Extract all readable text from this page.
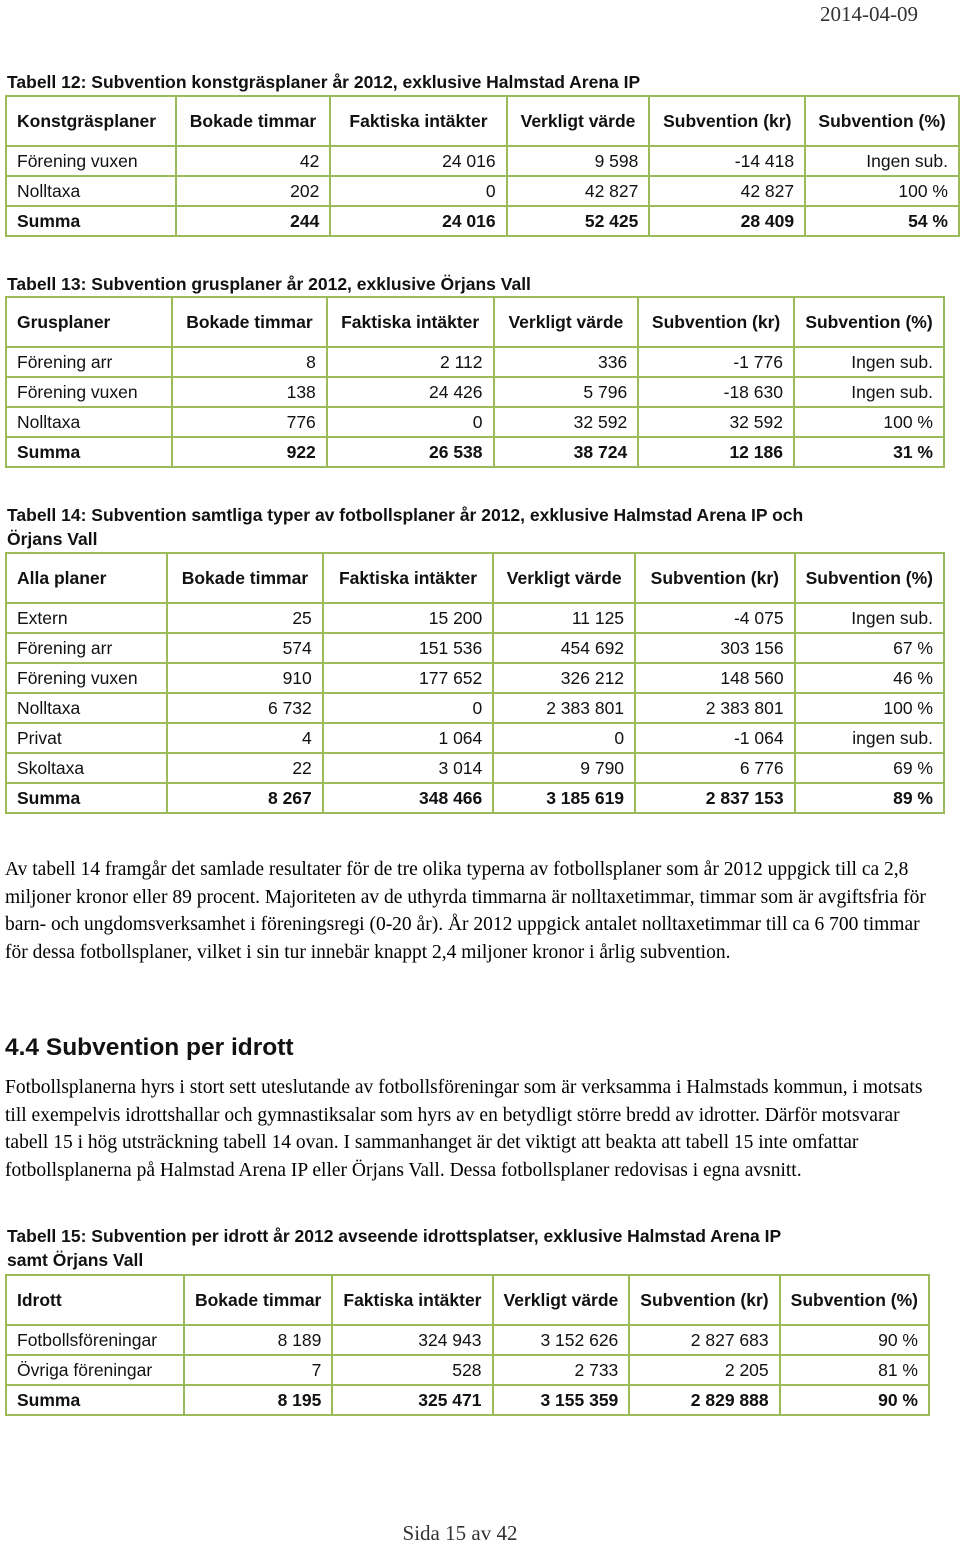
2014-04-09
Tabell 12: Subvention konstgräsplaner år 2012, exklusive Halmstad Arena IP
Konstgräsplaner	Bokade timmar	Faktiska intäkter	Verkligt värde	Subvention (kr)	Subvention (%)
Förening vuxen	42	24 016	9 598	-14 418	Ingen sub.
Nolltaxa	202	0	42 827	42 827	100 %
Summa	244	24 016	52 425	28 409	54 %
Tabell 13: Subvention grusplaner år 2012, exklusive Örjans Vall
Grusplaner	Bokade timmar	Faktiska intäkter	Verkligt värde	Subvention (kr)	Subvention (%)
Förening arr	8	2 112	336	-1 776	Ingen sub.
Förening vuxen	138	24 426	5 796	-18 630	Ingen sub.
Nolltaxa	776	0	32 592	32 592	100 %
Summa	922	26 538	38 724	12 186	31 %
Tabell 14: Subvention samtliga typer av fotbollsplaner år 2012, exklusive Halmstad Arena IP och
Örjans Vall
Alla planer	Bokade timmar	Faktiska intäkter	Verkligt värde	Subvention (kr)	Subvention (%)
Extern	25	15 200	11 125	-4 075	Ingen sub.
Förening arr	574	151 536	454 692	303 156	67 %
Förening vuxen	910	177 652	326 212	148 560	46 %
Nolltaxa	6 732	0	2 383 801	2 383 801	100 %
Privat	4	1 064	0	-1 064	ingen sub.
Skoltaxa	22	3 014	9 790	6 776	69 %
Summa	8 267	348 466	3 185 619	2 837 153	89 %

Av tabell 14 framgår det samlade resultater för de tre olika typerna av fotbollsplaner som år 2012 uppgick till ca 2,8 miljoner kronor eller 89 procent. Majoriteten av de uthyrda timmarna är nolltaxetimmar, timmar som är avgiftsfria för barn- och ungdomsverksamhet i föreningsregi (0-20 år). År 2012 uppgick antalet nolltaxetimmar till ca 6 700 timmar för dessa fotbollsplaner, vilket i sin tur innebär knappt 2,4 miljoner kronor i årlig subvention.

4.4 Subvention per idrott

Fotbollsplanerna hyrs i stort sett uteslutande av fotbollsföreningar som är verksamma i Halmstads kommun, i motsats till exempelvis idrottshallar och gymnastiksalar som hyrs av en betydligt större bredd av idrotter. Därför motsvarar tabell 15 i hög utsträckning tabell 14 ovan. I sammanhanget är det viktigt att beakta att tabell 15 inte omfattar fotbollsplanerna på Halmstad Arena IP eller Örjans Vall. Dessa fotbollsplaner redovisas i egna avsnitt.

Tabell 15: Subvention per idrott år 2012 avseende idrottsplatser, exklusive Halmstad Arena IP
samt Örjans Vall
Idrott	Bokade timmar	Faktiska intäkter	Verkligt värde	Subvention (kr)	Subvention (%)
Fotbollsföreningar	8 189	324 943	3 152 626	2 827 683	90 %
Övriga föreningar	7	528	2 733	2 205	81 %
Summa	8 195	325 471	3 155 359	2 829 888	90 %
Sida 15 av 42
